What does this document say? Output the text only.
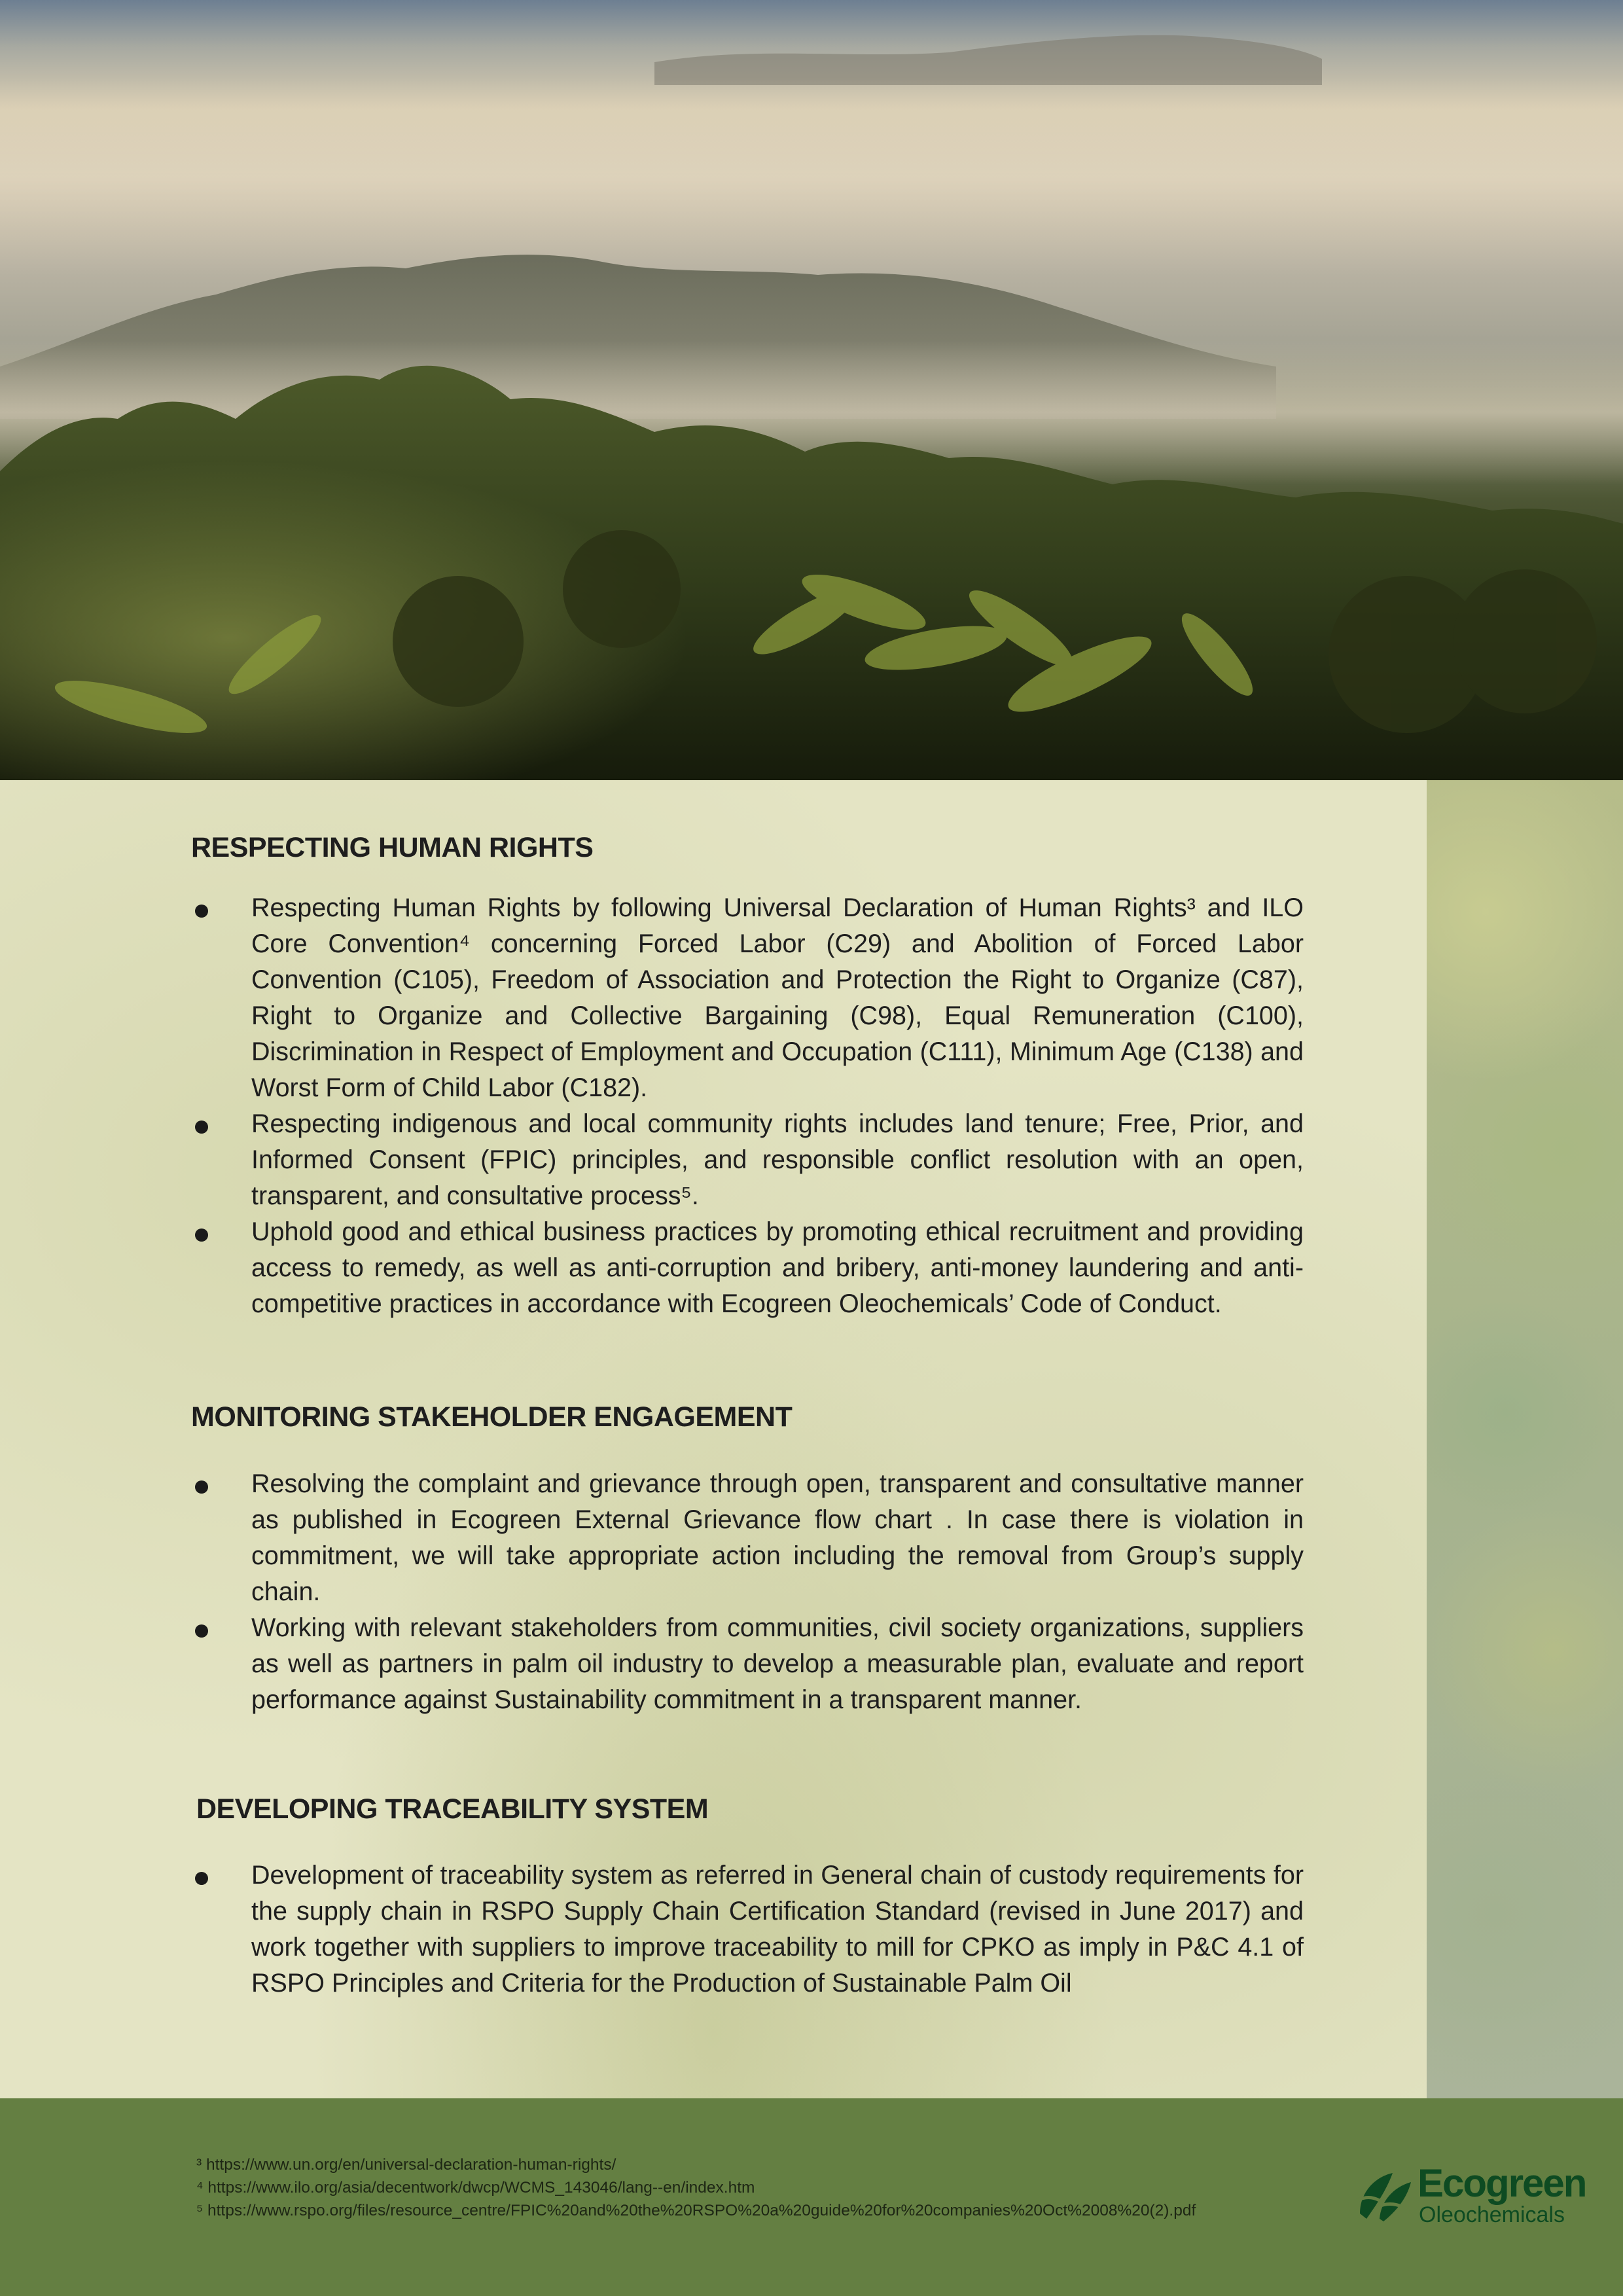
RESPECTING HUMAN RIGHTS
Respecting Human Rights by following Universal Declaration of Human Rights³ and ILO Core Convention⁴ concerning Forced Labor (C29) and Abolition of Forced Labor Convention (C105), Freedom of Association and Protection the Right to Organize (C87), Right to Organize and Collective Bargaining (C98), Equal Remuneration (C100), Discrimination in Respect of Employment and Occupation (C111), Minimum Age (C138) and Worst Form of Child Labor (C182).
Respecting indigenous and local community rights includes land tenure; Free, Prior, and Informed Consent (FPIC) principles, and responsible conflict resolution with an open, transparent, and consultative process⁵.
Uphold good and ethical business practices by promoting ethical recruitment and providing access to remedy, as well as anti-corruption and bribery, anti-money laundering and anti-competitive practices in accordance with Ecogreen Oleochemicals’ Code of Conduct.
MONITORING STAKEHOLDER ENGAGEMENT
Resolving the complaint and grievance through open, transparent and consultative manner as published in Ecogreen External Grievance flow chart . In case there is violation in commitment, we will take appropriate action including the removal from Group’s supply chain.
Working with relevant stakeholders from communities, civil society organizations, suppliers as well as partners in palm oil industry to develop a measurable plan, evaluate and report performance against Sustainability commitment in a transparent manner.
DEVELOPING TRACEABILITY SYSTEM
Development of traceability system as referred in General chain of custody requirements for the supply chain in RSPO Supply Chain Certification Standard (revised in June 2017) and work together with suppliers to improve traceability to mill for CPKO as imply in P&C 4.1 of RSPO Principles and Criteria for the Production of Sustainable Palm Oil
³ https://www.un.org/en/universal-declaration-human-rights/
⁴ https://www.ilo.org/asia/decentwork/dwcp/WCMS_143046/lang--en/index.htm
⁵ https://www.rspo.org/files/resource_centre/FPIC%20and%20the%20RSPO%20a%20guide%20for%20companies%20Oct%2008%20(2).pdf
Ecogreen
Oleochemicals
